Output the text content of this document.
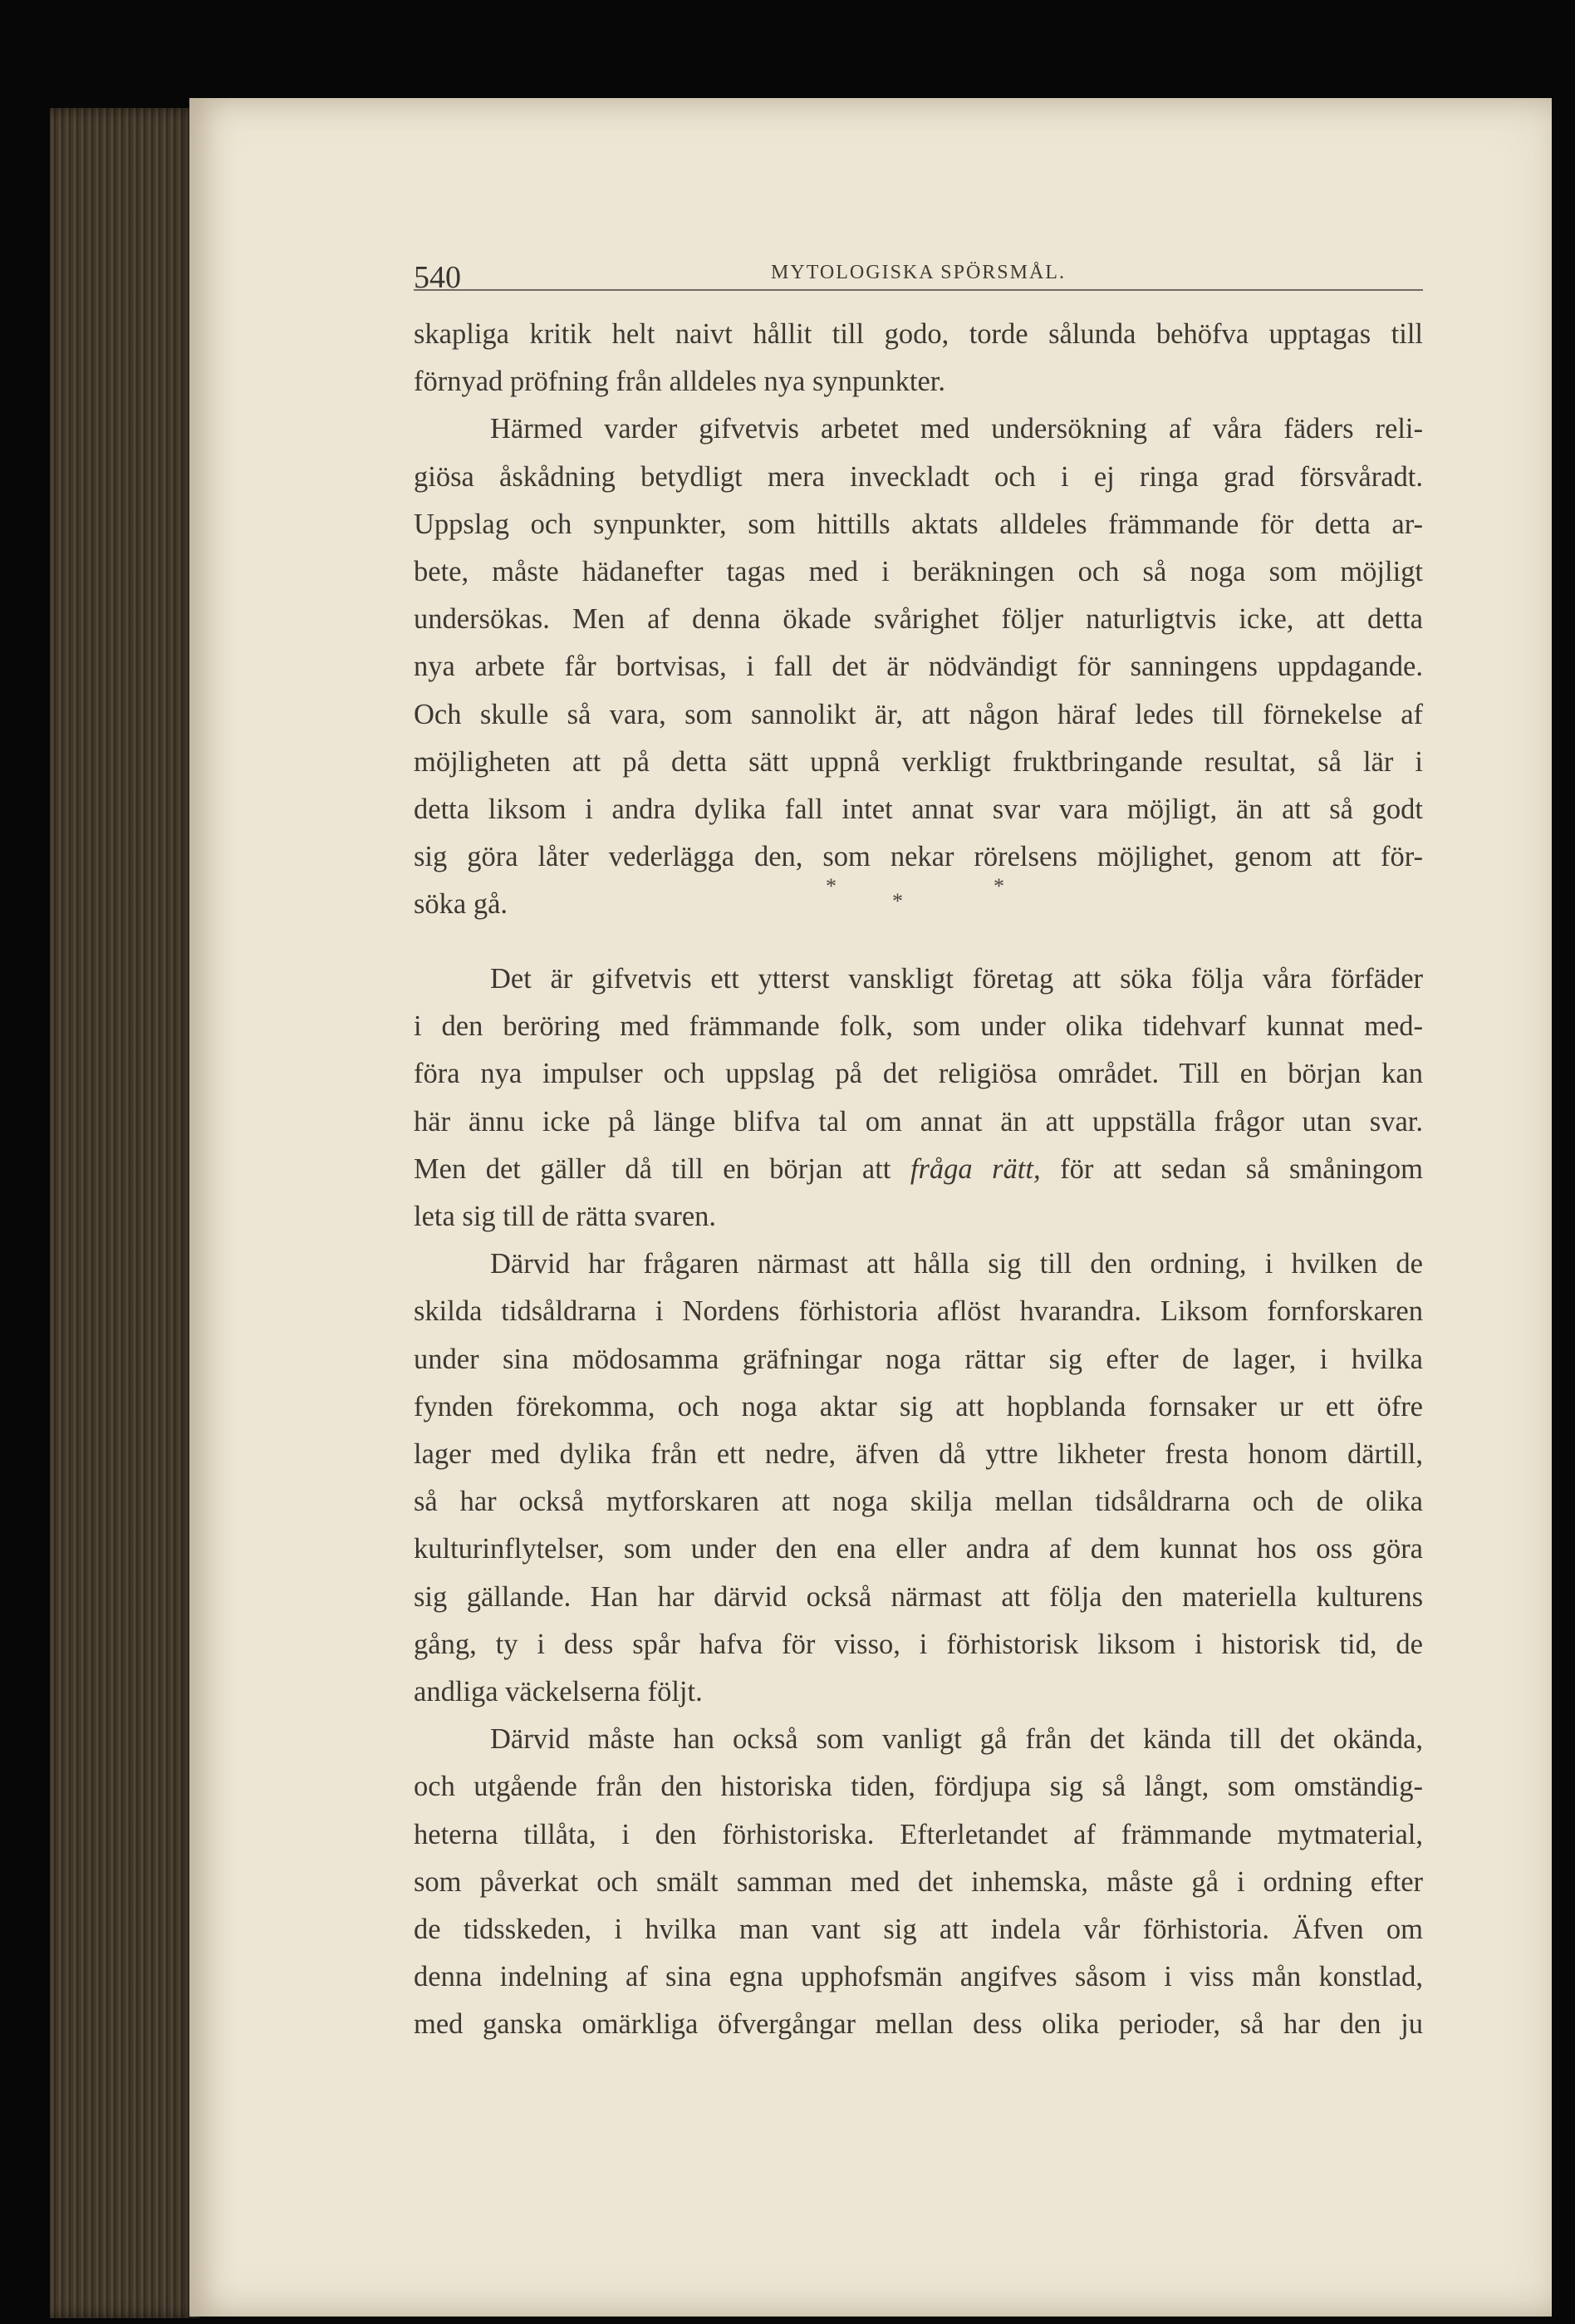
540	MYTOLOGISKA SPÖRSMÅL.
skapliga kritik helt naivt hållit till godo, torde sålunda behöfva upptagas till
förnyad pröfning från alldeles nya synpunkter.
Härmed varder gifvetvis arbetet med undersökning af våra fäders reli-
giösa åskådning betydligt mera inveckladt och i ej ringa grad försvåradt.
Uppslag och synpunkter, som hittills aktats alldeles främmande för detta ar-
bete, måste hädanefter tagas med i beräkningen och så noga som möjligt
undersökas. Men af denna ökade svårighet följer naturligtvis icke, att detta
nya arbete får bortvisas, i fall det är nödvändigt för sanningens uppdagande.
Och skulle så vara, som sannolikt är, att någon häraf ledes till förnekelse af
möjligheten att på detta sätt uppnå verkligt fruktbringande resultat, så lär i
detta liksom i andra dylika fall intet annat svar vara möjligt, än att så godt
sig göra låter vederlägga den, som nekar rörelsens möjlighet, genom att för-
söka gå.
*
*
*
Det är gifvetvis ett ytterst vanskligt företag att söka följa våra förfäder
i den beröring med främmande folk, som under olika tidehvarf kunnat med-
föra nya impulser och uppslag på det religiösa området. Till en början kan
här ännu icke på länge blifva tal om annat än att uppställa frågor utan svar.
Men det gäller då till en början att fråga rätt, för att sedan så småningom
leta sig till de rätta svaren.
Därvid har frågaren närmast att hålla sig till den ordning, i hvilken de
skilda tidsåldrarna i Nordens förhistoria aflöst hvarandra. Liksom fornforskaren
under sina mödosamma gräfningar noga rättar sig efter de lager, i hvilka
fynden förekomma, och noga aktar sig att hopblanda fornsaker ur ett öfre
lager med dylika från ett nedre, äfven då yttre likheter fresta honom därtill,
så har också mytforskaren att noga skilja mellan tidsåldrarna och de olika
kulturinflytelser, som under den ena eller andra af dem kunnat hos oss göra
sig gällande. Han har därvid också närmast att följa den materiella kulturens
gång, ty i dess spår hafva för visso, i förhistorisk liksom i historisk tid, de
andliga väckelserna följt.
Därvid måste han också som vanligt gå från det kända till det okända,
och utgående från den historiska tiden, fördjupa sig så långt, som omständig-
heterna tillåta, i den förhistoriska. Efterletandet af främmande mytmaterial,
som påverkat och smält samman med det inhemska, måste gå i ordning efter
de tidsskeden, i hvilka man vant sig att indela vår förhistoria. Äfven om
denna indelning af sina egna upphofsmän angifves såsom i viss mån konstlad,
med ganska omärkliga öfvergångar mellan dess olika perioder, så har den ju
